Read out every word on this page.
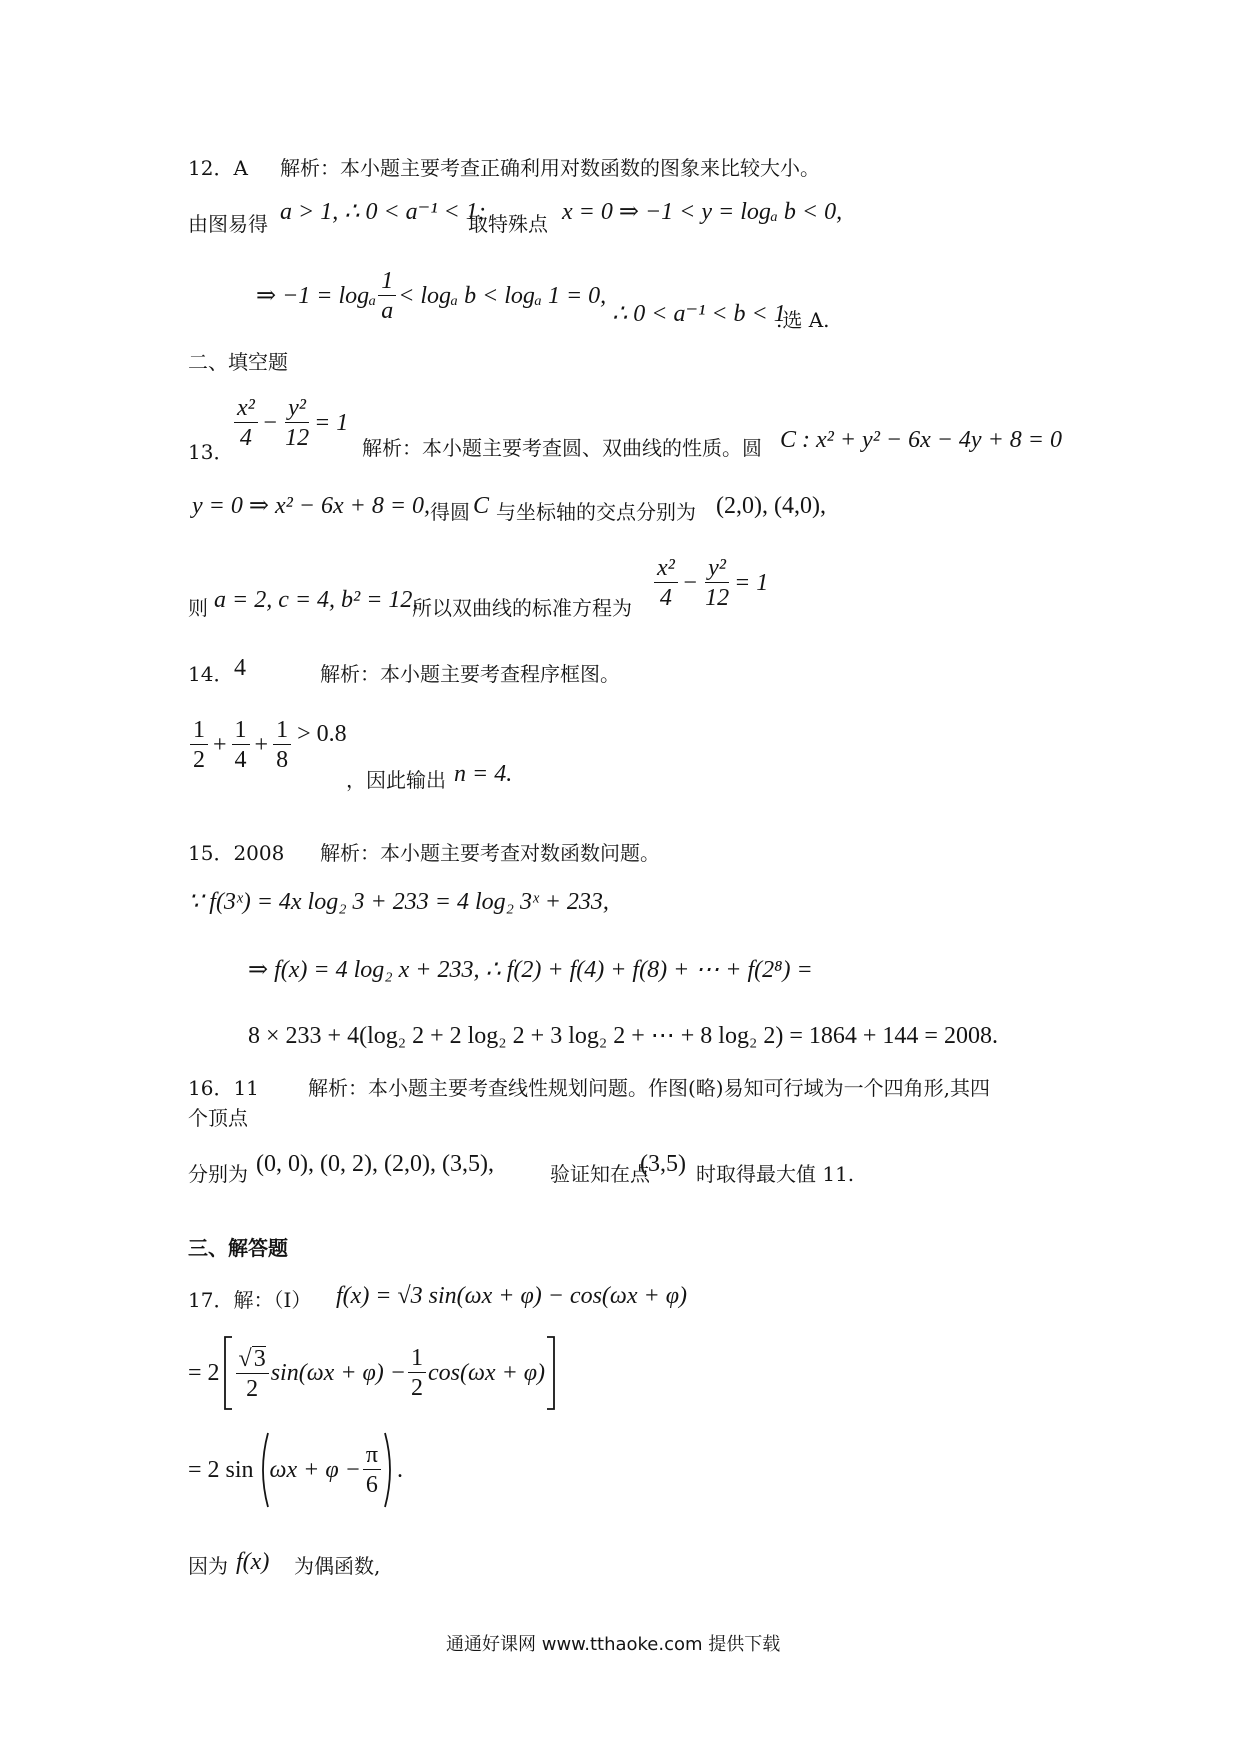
12．A 解析：本小题主要考查正确利用对数函数的图象来比较大小。
由图易得 a > 1, ∴ 0 < a⁻¹ < 1;
取特殊点 x = 0 ⇒ −1 < y = logₐ b < 0,
⇒ −1 = logₐ $\frac{1}{a} < \log_a$ b < logₐ 1 = 0,
∴ 0 < a⁻¹ < b < 1
.选 A.
二、填空题
13．
$\frac{\text{x²}}{4} - \frac{\text{y²}}{12} = 1$
解析：本小题主要考查圆、双曲线的性质。圆 C : x² + y² − 6x − 4y + 8 = 0
y = 0 ⇒ x² − 6x + 8 = 0, 得圆 C 与坐标轴的交点分别为 (2,0), (4,0),
则 a = 2, c = 4, b² = 12,
所以双曲线的标准方程为 $\frac{\text{x²}}{4} - \frac{\text{y²}}{12} = 1$
14． 4	解析：本小题主要考查程序框图。
$\frac{1}{2} + \frac{1}{4} + \frac{1}{8} > 0.8$
，因此输出 n = 4.
15．2008 解析：本小题主要考查对数函数问题。
∵ f(3ˣ) = 4x log₂ 3 + 233 = 4 log₂ 3ˣ + 233,
⇒ f(x) = 4 log₂ x + 233, ∴ f(2) + f(4) + f(8) + ⋯ + f(2⁸) =
8 × 233 + 4(log₂ 2 + 2 log₂ 2 + 3 log₂ 2 + ⋯ + 8 log₂ 2) = 1864 + 144 = 2008.
16．11 解析：本小题主要考查线性规划问题。作图(略)易知可行域为一个四角形,其四
个顶点
分别为 (0, 0), (0, 2), (2,0), (3,5),	验证知在点
(3,5) 时取得最大值 11.
三、解答题
17．解：（Ⅰ） f(x) = √3 sin(ωx + φ) − cos(ωx + φ)
= $2 \frac{√3}{2} \sin(\omega x + \varphi) - \frac{1}{2} \cos(\omega x + \varphi)$
= 2 $\sin \omega x + \varphi - \frac{\pi}{6}$ .
因为 f(x) 为偶函数,
通通好课网 www.tthaoke.com 提供下载
